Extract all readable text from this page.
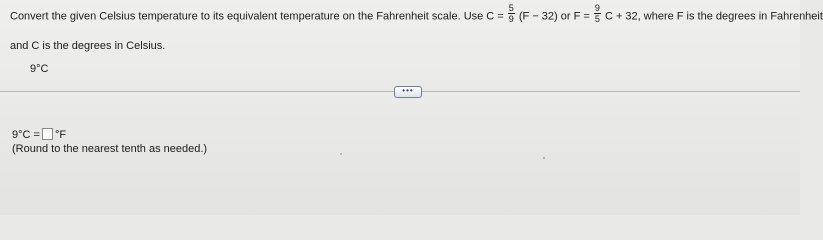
Convert the given Celsius temperature to its equivalent temperature on the Fahrenheit scale. Use $C = \frac{5}{9} (F - 32)$ or $F = \frac{9}{5}$ C + 32, where F is the degrees in Fahrenheit
and C is the degrees in Celsius.
9°C
•••
9°C = °F
(Round to the nearest tenth as needed.)
